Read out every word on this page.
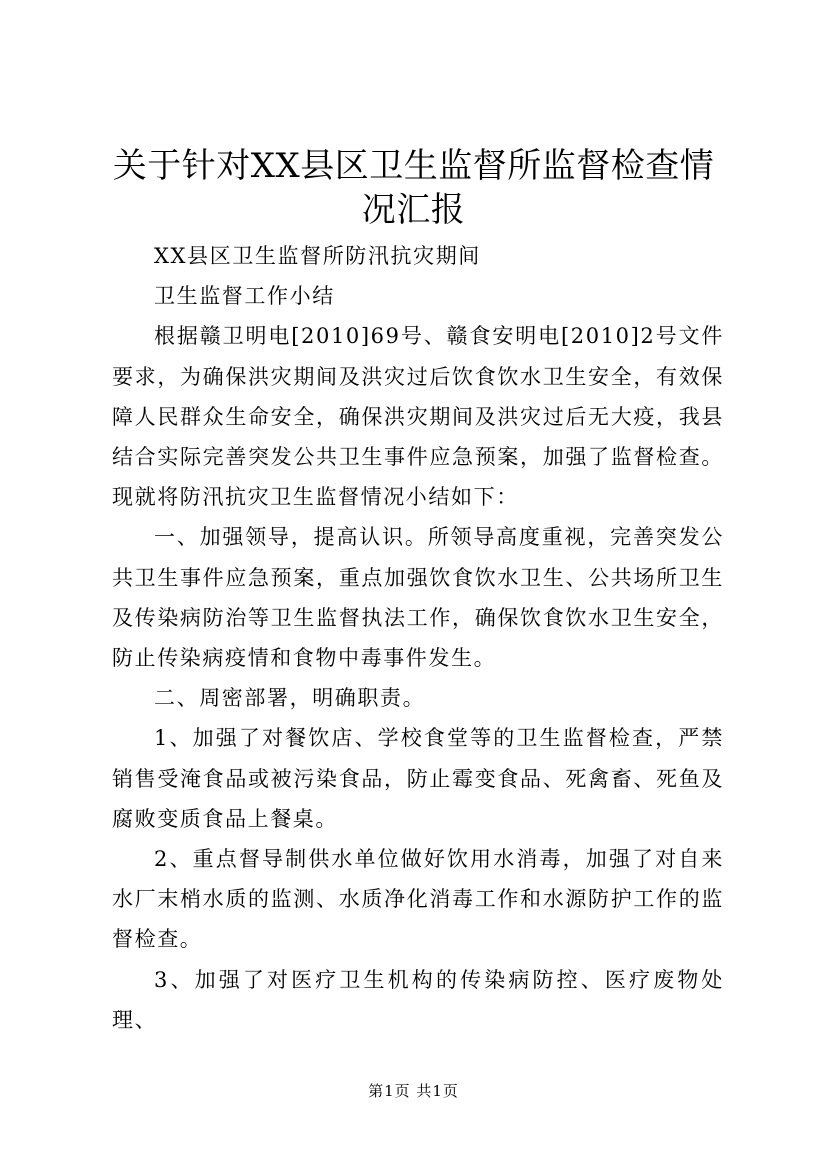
关于针对XX县区卫生监督所监督检查情况汇报

XX县区卫生监督所防汛抗灾期间

卫生监督工作小结

根据赣卫明电[2010]69号、赣食安明电[2010]2号文件要求，为确保洪灾期间及洪灾过后饮食饮水卫生安全，有效保障人民群众生命安全，确保洪灾期间及洪灾过后无大疫，我县结合实际完善突发公共卫生事件应急预案，加强了监督检查。现就将防汛抗灾卫生监督情况小结如下：

一、加强领导，提高认识。所领导高度重视，完善突发公共卫生事件应急预案，重点加强饮食饮水卫生、公共场所卫生及传染病防治等卫生监督执法工作，确保饮食饮水卫生安全，防止传染病疫情和食物中毒事件发生。

二、周密部署，明确职责。

1、加强了对餐饮店、学校食堂等的卫生监督检查，严禁销售受淹食品或被污染食品，防止霉变食品、死禽畜、死鱼及腐败变质食品上餐桌。

2、重点督导制供水单位做好饮用水消毒，加强了对自来水厂末梢水质的监测、水质净化消毒工作和水源防护工作的监督检查。

3、加强了对医疗卫生机构的传染病防控、医疗废物处理、

第1页 共1页
